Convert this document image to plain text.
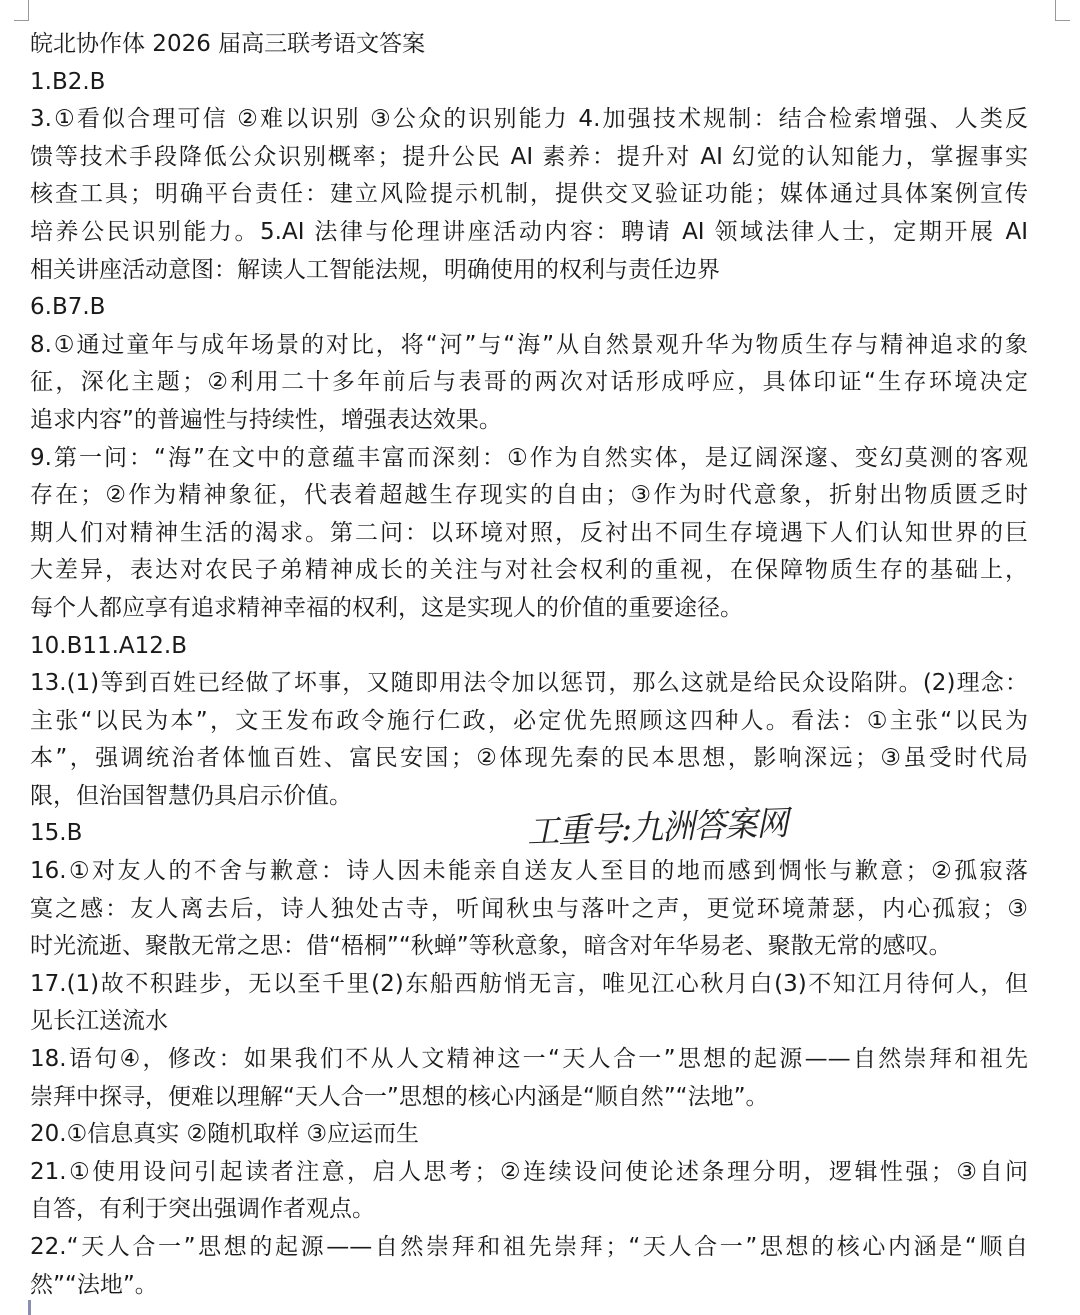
皖北协作体 2026 届高三联考语文答案
1.B2.B
3.①看似合理可信 ②难以识别 ③公众的识别能力 4.加强技术规制：结合检索增强、人类反
馈等技术手段降低公众识别概率；提升公民 AI 素养：提升对 AI 幻觉的认知能力，掌握事实
核查工具；明确平台责任：建立风险提示机制，提供交叉验证功能；媒体通过具体案例宣传
培养公民识别能力。5.AI 法律与伦理讲座活动内容：聘请 AI 领域法律人士，定期开展 AI
相关讲座活动意图：解读人工智能法规，明确使用的权利与责任边界
6.B7.B
8.①通过童年与成年场景的对比，将“河”与“海”从自然景观升华为物质生存与精神追求的象
征，深化主题；②利用二十多年前后与表哥的两次对话形成呼应，具体印证“生存环境决定
追求内容”的普遍性与持续性，增强表达效果。
9.第一问：“海”在文中的意蕴丰富而深刻：①作为自然实体，是辽阔深邃、变幻莫测的客观
存在；②作为精神象征，代表着超越生存现实的自由；③作为时代意象，折射出物质匮乏时
期人们对精神生活的渴求。第二问：以环境对照，反衬出不同生存境遇下人们认知世界的巨
大差异，表达对农民子弟精神成长的关注与对社会权利的重视，在保障物质生存的基础上，
每个人都应享有追求精神幸福的权利，这是实现人的价值的重要途径。
10.B11.A12.B
13.(1)等到百姓已经做了坏事，又随即用法令加以惩罚，那么这就是给民众设陷阱。(2)理念：
主张“以民为本”，文王发布政令施行仁政，必定优先照顾这四种人。看法：①主张“以民为
本”，强调统治者体恤百姓、富民安国；②体现先秦的民本思想，影响深远；③虽受时代局
限，但治国智慧仍具启示价值。
15.B
16.①对友人的不舍与歉意：诗人因未能亲自送友人至目的地而感到惆怅与歉意；②孤寂落
寞之感：友人离去后，诗人独处古寺，听闻秋虫与落叶之声，更觉环境萧瑟，内心孤寂；③
时光流逝、聚散无常之思：借“梧桐”“秋蝉”等秋意象，暗含对年华易老、聚散无常的感叹。
17.(1)故不积跬步，无以至千里(2)东船西舫悄无言，唯见江心秋月白(3)不知江月待何人，但
见长江送流水
18.语句④，修改：如果我们不从人文精神这一“天人合一”思想的起源——自然崇拜和祖先
崇拜中探寻，便难以理解“天人合一”思想的核心内涵是“顺自然”“法地”。
20.①信息真实 ②随机取样 ③应运而生
21.①使用设问引起读者注意，启人思考；②连续设问使论述条理分明，逻辑性强；③自问
自答，有利于突出强调作者观点。
22.“天人合一”思想的起源——自然崇拜和祖先崇拜；“天人合一”思想的核心内涵是“顺自
然”“法地”。
工重号:九洲答案网
